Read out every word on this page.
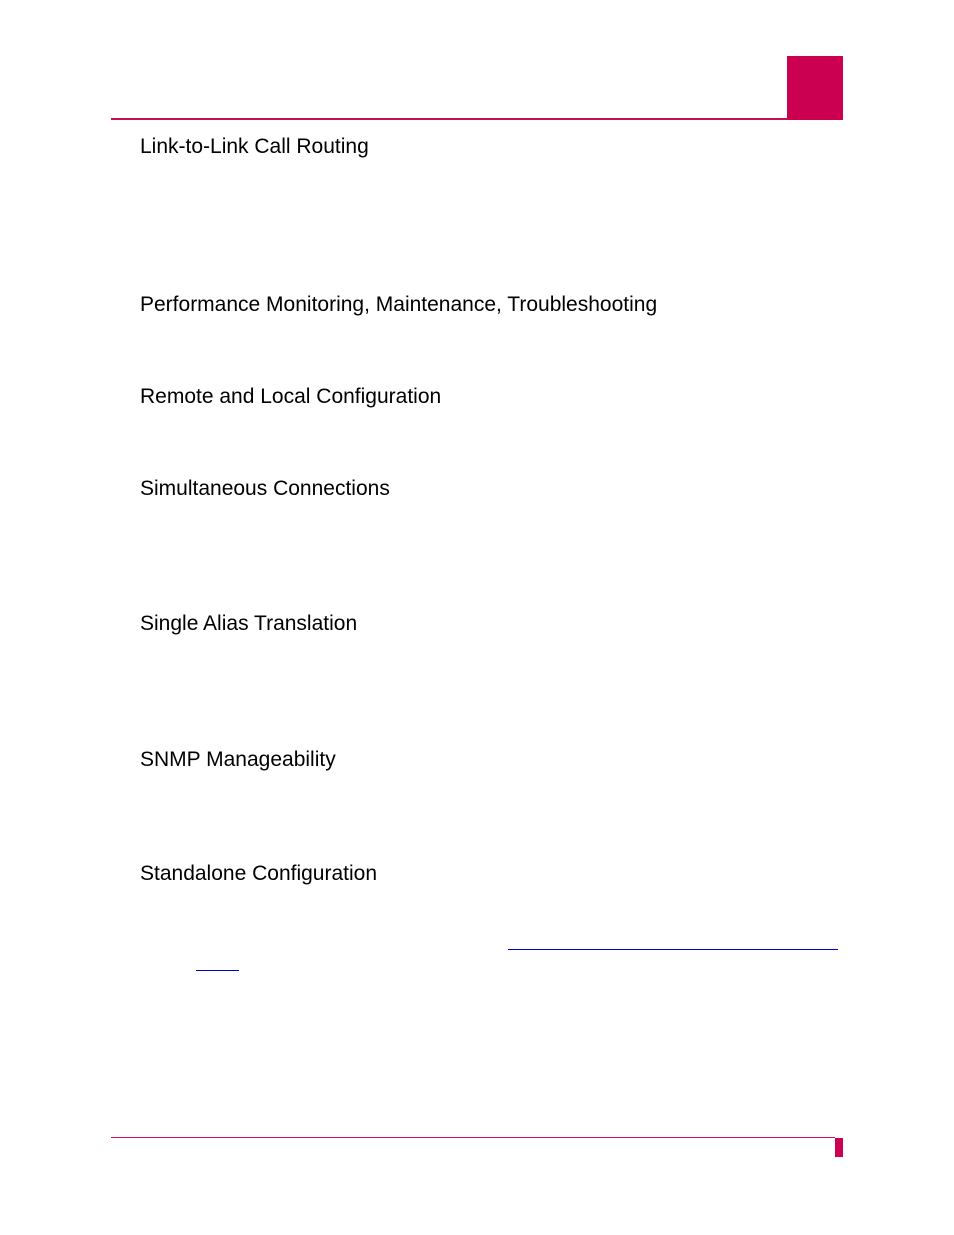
Link-to-Link Call Routing
Performance Monitoring, Maintenance, Troubleshooting
Remote and Local Configuration
Simultaneous Connections
Single Alias Translation
SNMP Manageability
Standalone Configuration
